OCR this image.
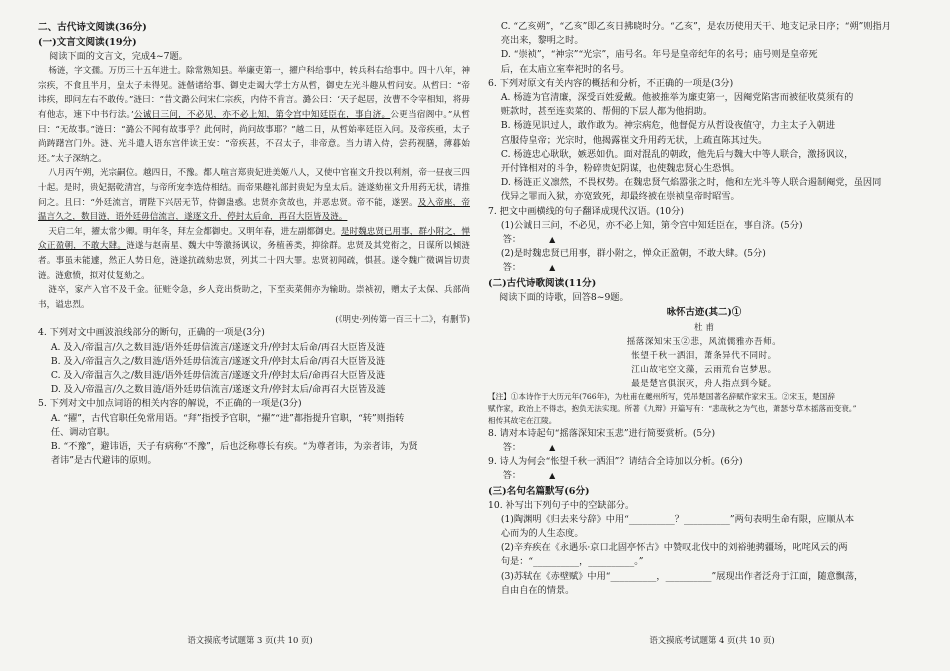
二、古代诗文阅读(36分)
(一)文言文阅读(19分)
阅读下面的文言文，完成4~7题。
杨涟，字文孺。万历三十五年进士。除常熟知县。举廉吏第一，擢户科给事中，转兵科右给事中。四十八年，神宗疾，不食且半月，皇太子未得见。涟偕诸给事、御史走谒大学士方从哲，御史左光斗趣从哲问安。从哲曰：“帝讳疾，即问左右不敢传。”涟曰：“昔文潞公问宋仁宗疾，内侍不肯言。潞公曰：‘天子起居，汝曹不令宰相知，将毋有他志，速下中书行法。’公诚日三问，不必见，亦不必上知，第令宫中知廷臣在，事自济。公更当宿阁中。”从哲曰：“无故事。”涟曰：“潞公不闻有故事乎？此何时，尚问故事耶？”越二日，从哲始率廷臣入问。及帝疾亟，太子尚踌躇宫门外。涟、光斗遣人语东宫伴读王安：“帝疾甚，不召太子，非帝意。当力请入侍，尝药视膳，薄暮始还。”太子深纳之。
八月丙午朔，光宗嗣位。越四日，不豫。都人喧言郑贵妃进美姬八人，又使中官崔文升投以利剂，帝一昼夜三四十起。是时，贵妃据乾清宫，与帝所宠李选侍相结。而帝果趣礼部封贵妃为皇太后。涟遂劾崔文升用药无状，请推问之。且曰：“外廷流言，谓陛下兴居无节，侍御蛊惑。忠贤亦贪故也，并恶忠贤。帝不能，遂罢。及入帝座，帝温言久之，数目涟，语外廷毋信流言，遂逐文升，停封太后命，再召大臣皆及涟。
天启二年，擢太常少卿。明年冬，拜左佥都御史。又明年春，进左副都御史。是时魏忠贤已用事，群小附之，惮众正盈朝，不敢大肆。涟遂与赵南星、魏大中等激扬讽议，务植善类，抑徐群。忠贤及其党衔之，日谋所以倾涟者。事虽未能遽，然正人势日危，涟遂抗疏劾忠贤，列其二十四大罪。忠贤初闻疏，惧甚。遂令魏广微调旨切责涟。涟愈愤，拟对仗复劾之。
涟卒，家产入官不及千金。征赃令急，乡人竞出赀助之，下至卖菜佣亦为输助。崇祯初，赠太子太保、兵部尚书，谥忠烈。
(《明史·列传第一百三十二》，有删节)
4. 下列对文中画波浪线部分的断句，正确的一项是(3分)
A. 及入/帝温言/久之数目涟/语外廷毋信流言/遂逐文升/停封太后命/再召大臣皆及涟
B. 及入/帝温言久之/数目涟/语外廷毋信流言/遂逐文升/停封太后命/再召大臣皆及涟
C. 及入/帝温言久之/数目涟/语外廷毋信流言/遂逐文升/停封太后/命再召大臣皆及涟
D. 及入/帝温言/久之数目涟/语外廷毋信流言/遂逐文升/停封太后/命再召大臣皆及涟
5. 下列对文中加点词语的相关内容的解说，不正确的一项是(3分)
A. “擢”，古代官职任免常用语。“拜”指授予官职，“擢”“进”都指提升官职，“转”则指转
任、调动官职。
B. “不豫”，避讳语，天子有病称“不豫”，后也泛称尊长有疾。“为尊者讳，为亲者讳，为贤
者讳”是古代避讳的原则。
语文摸底考试题第 3 页(共 10 页)
C. “乙亥朔”，“乙亥”即乙亥日拂晓时分。“乙亥”，是农历使用天干、地支记录日序；“朔”则指月
亮出来，黎明之时。
D. “崇祯”，“神宗”“光宗”，庙号名。年号是皇帝纪年的名号；庙号则是皇帝死
后，在太庙立室奉祀时的名号。
6. 下列对原文有关内容的概括和分析，不正确的一项是(3分)
A. 杨涟为官清廉，深受百姓爱戴。他被推举为廉吏第一，因阉党陷害而被征收莫须有的
赃款时，甚至连卖菜的、帮佣的下层人都为他捐助。
B. 杨涟见识过人，敢作敢为。神宗病危，他督促方从哲设夜值守，力主太子入朝进
宫服侍皇帝；光宗时，他揭露崔文升用药无状，上疏直陈其过失。
C. 杨涟忠心耿耿，嫉恶如仇。面对混乱的朝政，他先后与魏大中等人联合，激扬讽议，
开付锋相对的斗争，粉碎贵妃阴谋，也使魏忠贤心生恐惧。
D. 杨涟正义凛然，不畏权势。在魏忠贤气焰嚣张之时，他和左光斗等人联合遏制阉党，虽因同
伐异之罪而入狱，亦宽致死，却最终被在崇祯皇帝时昭雪。
7. 把文中画横线的句子翻译成现代汉语。(10分)
(1)公诚日三问，不必见，亦不必上知，第令宫中知廷臣在，事自济。(5分)
答：	▲
(2)是时魏忠贤已用事，群小附之，惮众正盈朝，不敢大肆。(5分)
答：	▲
(二)古代诗歌阅读(11分)
阅读下面的诗歌，回答8~9题。
咏怀古迹(其二)①
杜 甫
摇落深知宋玉②悲，风流儒雅亦吾师。
怅望千秋一洒泪，萧条异代不同时。
江山故宅空文藻，云雨荒台岂梦思。
最是楚宫俱泯灭，舟人指点到今疑。
【注】①本诗作于大历元年(766年)，为杜甫在夔州所写，凭吊楚国著名辞赋作家宋玉。②宋玉，楚国辞
赋作家，政治上不得志，抱负无法实现。所著《九辩》开篇写有：“悲哉秋之为气也，萧瑟兮草木摇落而变衰。”
相传其故宅在江陵。
8. 请对本诗起句“摇落深知宋玉悲”进行简要赏析。(5分)
答：	▲
9. 诗人为何会“怅望千秋一洒泪”？请结合全诗加以分析。(6分)
答：	▲
(三)名句名篇默写(6分)
10. 补写出下列句子中的空缺部分。
(1)陶渊明《归去来兮辞》中用“__________？__________”两句表明生命有限，应顺从本
心而为的人生态度。
(2)辛弃疾在《永遇乐·京口北固亭怀古》中赞叹北伐中的刘裕驰骋疆场，叱咤风云的两
句是：“__________，__________。”
(3)苏轼在《赤壁赋》中用“__________，__________”展现出作者泛舟于江面，随意飘荡，
自由自在的情景。
语文摸底考试题第 4 页(共 10 页)
